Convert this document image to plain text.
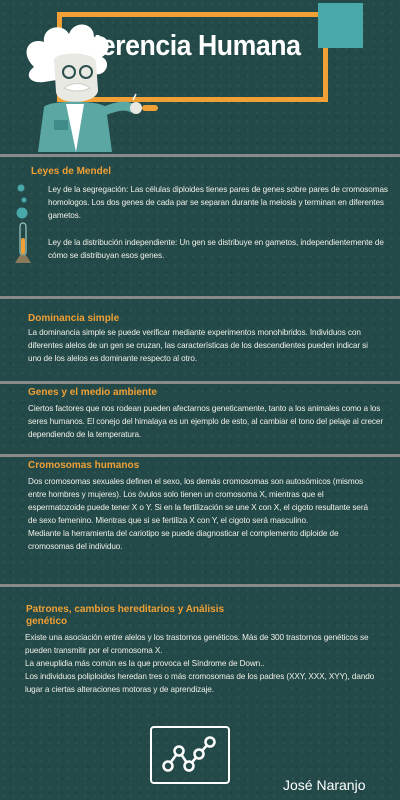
Herencia Humana
Leyes de Mendel

Ley de la segregación: Las células diploides tienes pares de genes sobre pares de cromosomas homologos. Los dos genes de cada par se separan durante la meiosis y terminan en diferentes gametos.

Ley de la distribución independiente: Un gen se distribuye en gametos, independientemente de cómo se distribuyan esos genes.

Dominancia simple
La dominancia simple se puede verificar mediante experimentos monohibridos. Individuos con diferentes alelos de un gen se cruzan, las características de los descendientes pueden indicar si uno de los alelos es dominante respecto al otro.
Genes y el medio ambiente
Ciertos factores que nos rodean pueden afectarnos geneticamente, tanto a los animales como a los seres humanos. El conejo del himalaya es un ejemplo de esto, al cambiar el tono del pelaje al crecer dependiendo de la temperatura.
Cromosomas humanos

Dos cromosomas sexuales definen el sexo, los demás cromosomas son autosómicos (mismos entre hombres y mujeres). Los óvulos solo tienen un cromosoma X, mientras que el espermatozoide puede tener X o Y. Si en la fertilización se une X con X, el cigoto resultante será de sexo femenino. Mientras que si se fertiliza X con Y, el cigoto será masculino.

Mediante la herramienta del cariotipo se puede diagnosticar el complemento diploide de cromosomas del individuo.

Patrones, cambios hereditarios y Análisis genético

Existe una asociación entre alelos y los trastornos genéticos. Más de 300 trastornos genéticos se pueden transmitir por el cromosoma X.

La aneuplidia más común es la que provoca el Síndrome de Down..

Los individuos poliploides heredan tres o más cromosomas de los padres (XXY, XXX, XYY), dando lugar a ciertas alteraciones motoras y de aprendizaje.

José Naranjo
